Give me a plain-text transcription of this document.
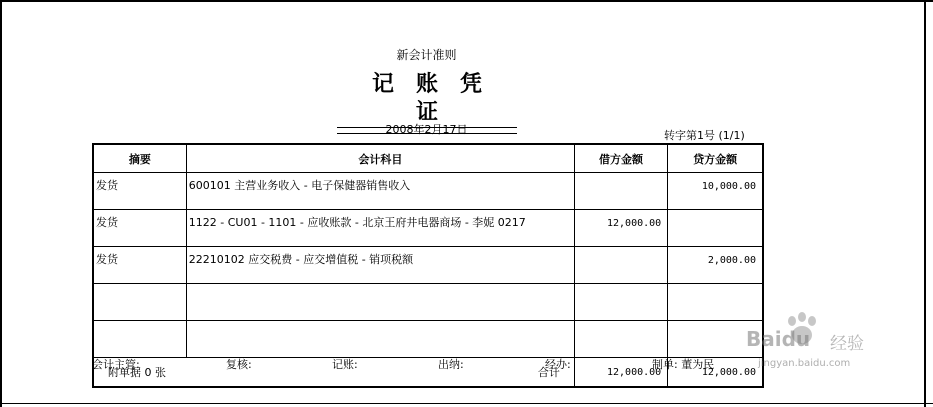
新会计准则
记账凭证
2008年2月17日	转字第1号 (1/1)
摘要	会计科目	借方金额	贷方金额
发货	600101 主营业务收入 - 电子保健器销售收入		10,000.00
发货	1122 - CU01 - 1101 - 应收账款 - 北京王府井电器商场 - 李妮 0217	12,000.00	
发货	22210102 应交税费 - 应交增值税 - 销项税额		2,000.00

附单据 0 张 合计		12,000.00	12,000.00
会计主管:	复核:	记账:	出纳:	经办:	制单: 董为民
Baidu 经验
jingyan.baidu.com
